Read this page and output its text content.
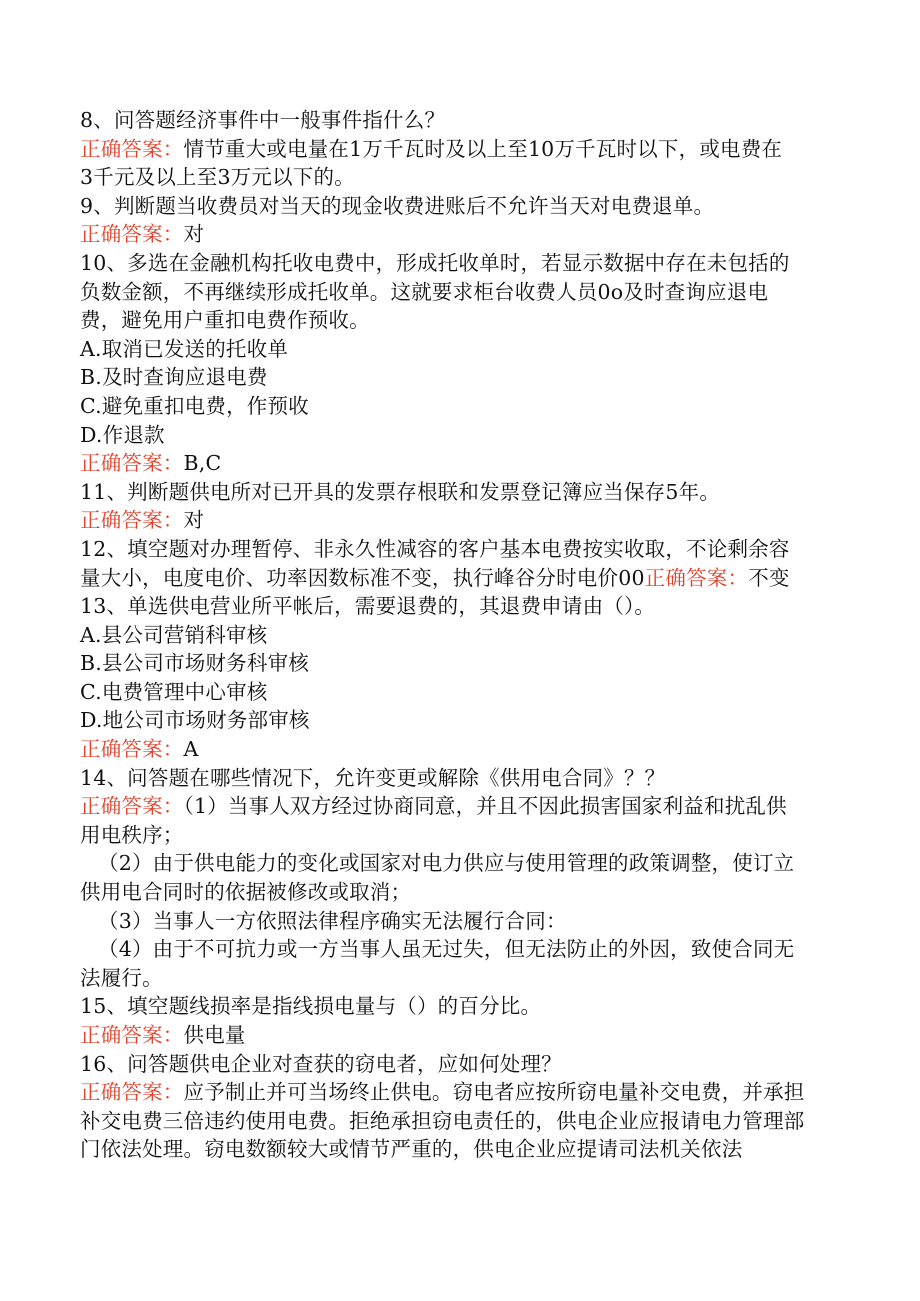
8、问答题经济事件中一般事件指什么？
正确答案：情节重大或电量在1万千瓦时及以上至10万千瓦时以下，或电费在
3千元及以上至3万元以下的。
9、判断题当收费员对当天的现金收费进账后不允许当天对电费退单。
正确答案：对
10、多选在金融机构托收电费中，形成托收单时，若显示数据中存在未包括的
负数金额，不再继续形成托收单。这就要求柜台收费人员0o及时查询应退电
费，避免用户重扣电费作预收。
A.取消已发送的托收单
B.及时查询应退电费
C.避免重扣电费，作预收
D.作退款
正确答案：B,C
11、判断题供电所对已开具的发票存根联和发票登记簿应当保存5年。
正确答案：对
12、填空题对办理暂停、非永久性减容的客户基本电费按实收取，不论剩余容
量大小，电度电价、功率因数标准不变，执行峰谷分时电价00正确答案：不变
13、单选供电营业所平帐后，需要退费的，其退费申请由（）。
A.县公司营销科审核
B.县公司市场财务科审核
C.电费管理中心审核
D.地公司市场财务部审核
正确答案：A
14、问答题在哪些情况下，允许变更或解除《供用电合同》？？
正确答案：（1）当事人双方经过协商同意，并且不因此损害国家利益和扰乱供
用电秩序；
（2）由于供电能力的变化或国家对电力供应与使用管理的政策调整，使订立
供用电合同时的依据被修改或取消；
（3）当事人一方依照法律程序确实无法履行合同：
（4）由于不可抗力或一方当事人虽无过失，但无法防止的外因，致使合同无
法履行。
15、填空题线损率是指线损电量与（）的百分比。
正确答案：供电量
16、问答题供电企业对查获的窃电者，应如何处理？
正确答案：应予制止并可当场终止供电。窃电者应按所窃电量补交电费，并承担
补交电费三倍违约使用电费。拒绝承担窃电责任的，供电企业应报请电力管理部
门依法处理。窃电数额较大或情节严重的，供电企业应提请司法机关依法
